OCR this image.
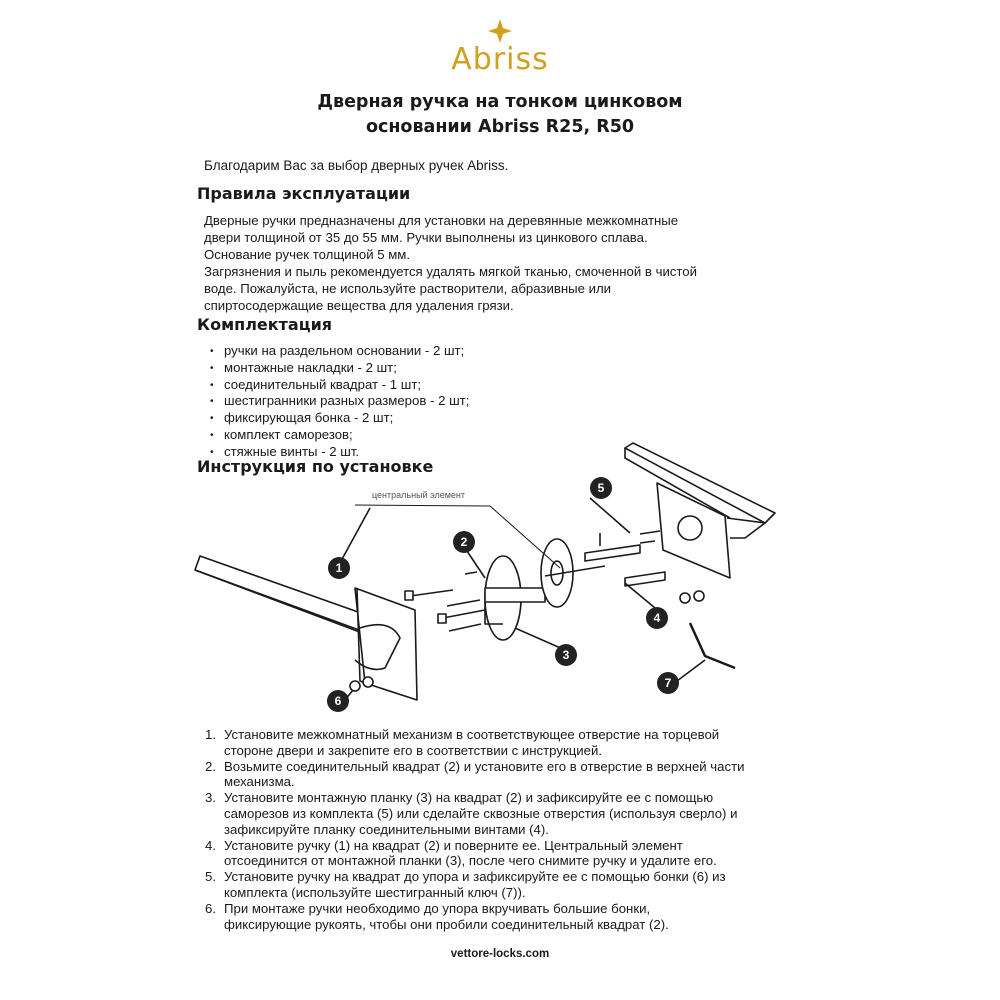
Abriss
Дверная ручка на тонком цинковом
основании Abriss R25, R50
Благодарим Вас за выбор дверных ручек Abriss.
Правила эксплуатации
Дверные ручки предназначены для установки на деревянные межкомнатные
двери толщиной от 35 до 55 мм. Ручки выполнены из цинкового сплава.
Основание ручек толщиной 5 мм.
Загрязнения и пыль рекомендуется удалять мягкой тканью, смоченной в чистой
воде. Пожалуйста, не используйте растворители, абразивные или
спиртосодержащие вещества для удаления грязи.
Комплектация
• ручки на раздельном основании - 2 шт;
• монтажные накладки - 2 шт;
• соединительный квадрат - 1 шт;
• шестигранники разных размеров - 2 шт;
• фиксирующая бонка - 2 шт;
• комплект саморезов;
• стяжные винты - 2 шт.
Инструкция по установке
центральный элемент
1
2
3
4
5
6
7
1. Установите межкомнатный механизм в соответствующее отверстие на торцевой
стороне двери и закрепите его в соответствии с инструкцией.
2. Возьмите соединительный квадрат (2) и установите его в отверстие в верхней части
механизма.
3. Установите монтажную планку (3) на квадрат (2) и зафиксируйте ее с помощью
саморезов из комплекта (5) или сделайте сквозные отверстия (используя сверло) и
зафиксируйте планку соединительными винтами (4).
4. Установите ручку (1) на квадрат (2) и поверните ее. Центральный элемент
отсоединится от монтажной планки (3), после чего снимите ручку и удалите его.
5. Установите ручку на квадрат до упора и зафиксируйте ее с помощью бонки (6) из
комплекта (используйте шестигранный ключ (7)).
6. При монтаже ручки необходимо до упора вкручивать большие бонки,
фиксирующие рукоять, чтобы они пробили соединительный квадрат (2).
vettore-locks.com
